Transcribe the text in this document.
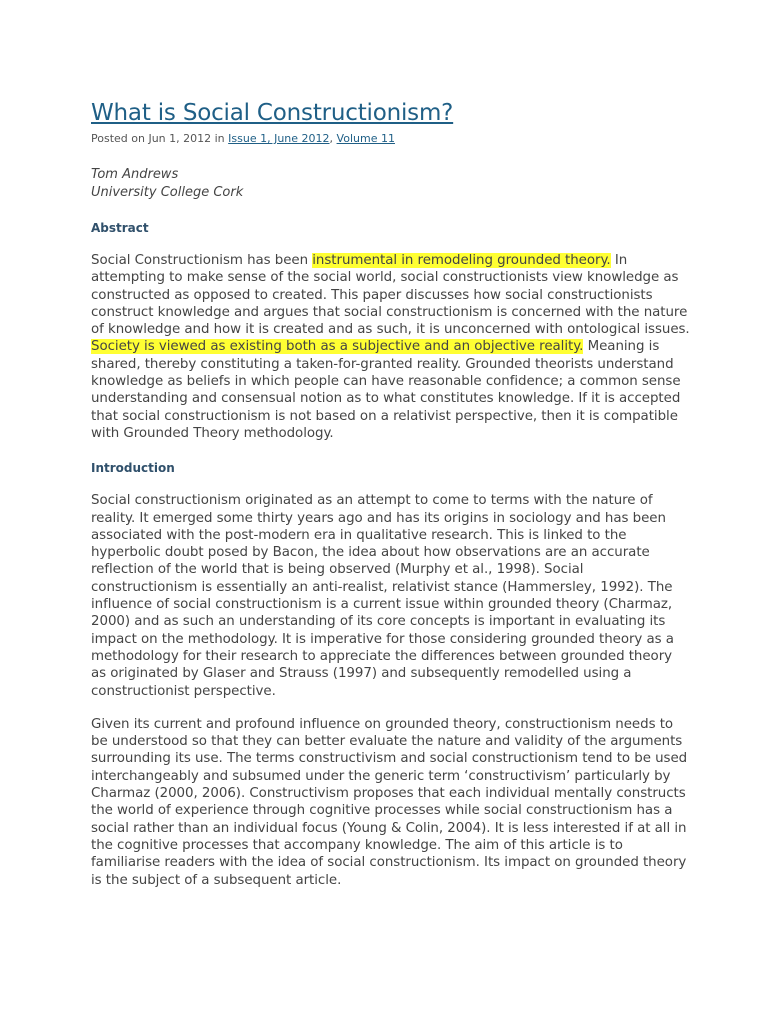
What is Social Constructionism?
Posted on Jun 1, 2012 in Issue 1, June 2012, Volume 11
Tom Andrews
University College Cork
Abstract

Social Constructionism has been instrumental in remodeling grounded theory. In attempting to make sense of the social world, social constructionists view knowledge as constructed as opposed to created. This paper discusses how social constructionists construct knowledge and argues that social constructionism is concerned with the nature of knowledge and how it is created and as such, it is unconcerned with ontological issues. Society is viewed as existing both as a subjective and an objective reality. Meaning is shared, thereby constituting a taken-for-granted reality. Grounded theorists understand knowledge as beliefs in which people can have reasonable confidence; a common sense understanding and consensual notion as to what constitutes knowledge. If it is accepted that social constructionism is not based on a relativist perspective, then it is compatible with Grounded Theory methodology.

Introduction

Social constructionism originated as an attempt to come to terms with the nature of reality. It emerged some thirty years ago and has its origins in sociology and has been associated with the post-modern era in qualitative research. This is linked to the hyperbolic doubt posed by Bacon, the idea about how observations are an accurate reflection of the world that is being observed (Murphy et al., 1998). Social constructionism is essentially an anti-realist, relativist stance (Hammersley, 1992). The influence of social constructionism is a current issue within grounded theory (Charmaz, 2000) and as such an understanding of its core concepts is important in evaluating its impact on the methodology. It is imperative for those considering grounded theory as a methodology for their research to appreciate the differences between grounded theory as originated by Glaser and Strauss (1997) and subsequently remodelled using a constructionist perspective.

Given its current and profound influence on grounded theory, constructionism needs to be understood so that they can better evaluate the nature and validity of the arguments surrounding its use. The terms constructivism and social constructionism tend to be used interchangeably and subsumed under the generic term ‘constructivism’ particularly by Charmaz (2000, 2006). Constructivism proposes that each individual mentally constructs the world of experience through cognitive processes while social constructionism has a social rather than an individual focus (Young & Colin, 2004). It is less interested if at all in the cognitive processes that accompany knowledge. The aim of this article is to familiarise readers with the idea of social constructionism. Its impact on grounded theory is the subject of a subsequent article.
